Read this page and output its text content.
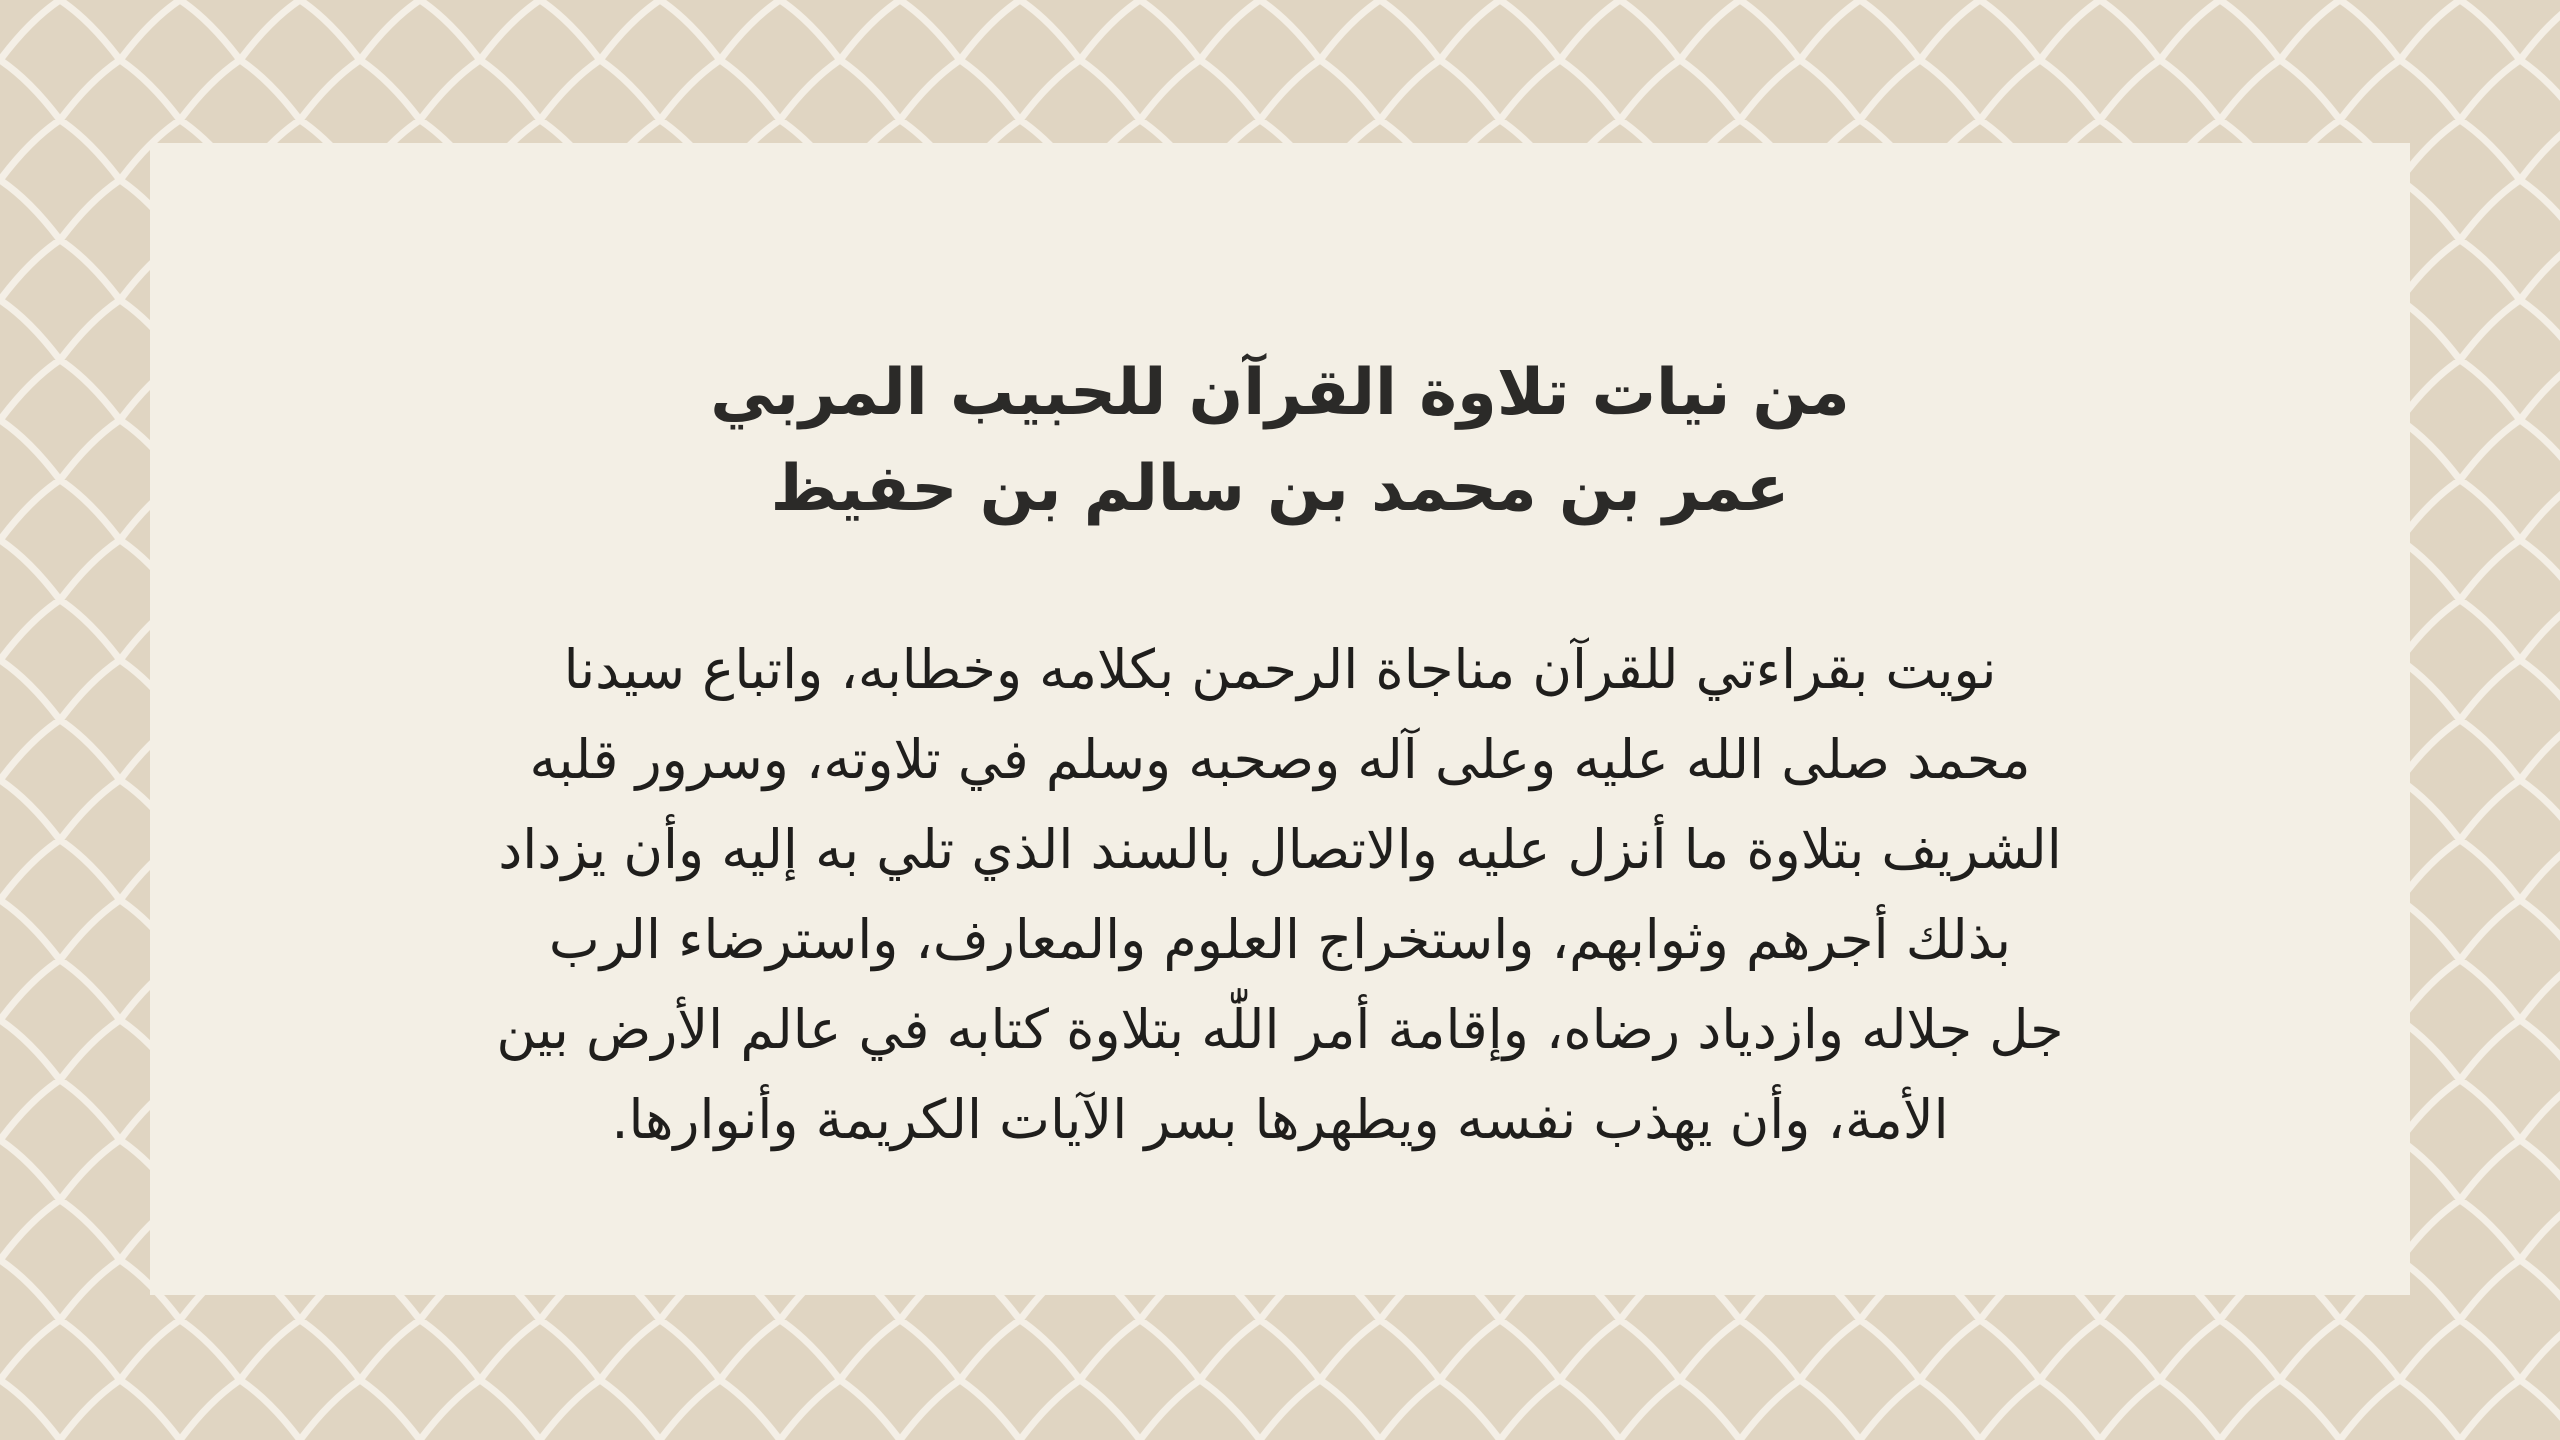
من نيات تلاوة القرآن للحبيب المربي
عمر بن محمد بن سالم بن حفيظ

نويت بقراءتي للقرآن مناجاة الرحمن بكلامه وخطابه، واتباع سيدنا
محمد صلى الله عليه وعلى آله وصحبه وسلم في تلاوته، وسرور قلبه
الشريف بتلاوة ما أنزل عليه والاتصال بالسند الذي تلي به إليه وأن يزداد
بذلك أجرهم وثوابهم، واستخراج العلوم والمعارف، واسترضاء الرب
جل جلاله وازدياد رضاه، وإقامة أمر اللّٰه بتلاوة كتابه في عالم الأرض بين
الأمة، وأن يهذب نفسه ويطهرها بسر الآيات الكريمة وأنوارها.
